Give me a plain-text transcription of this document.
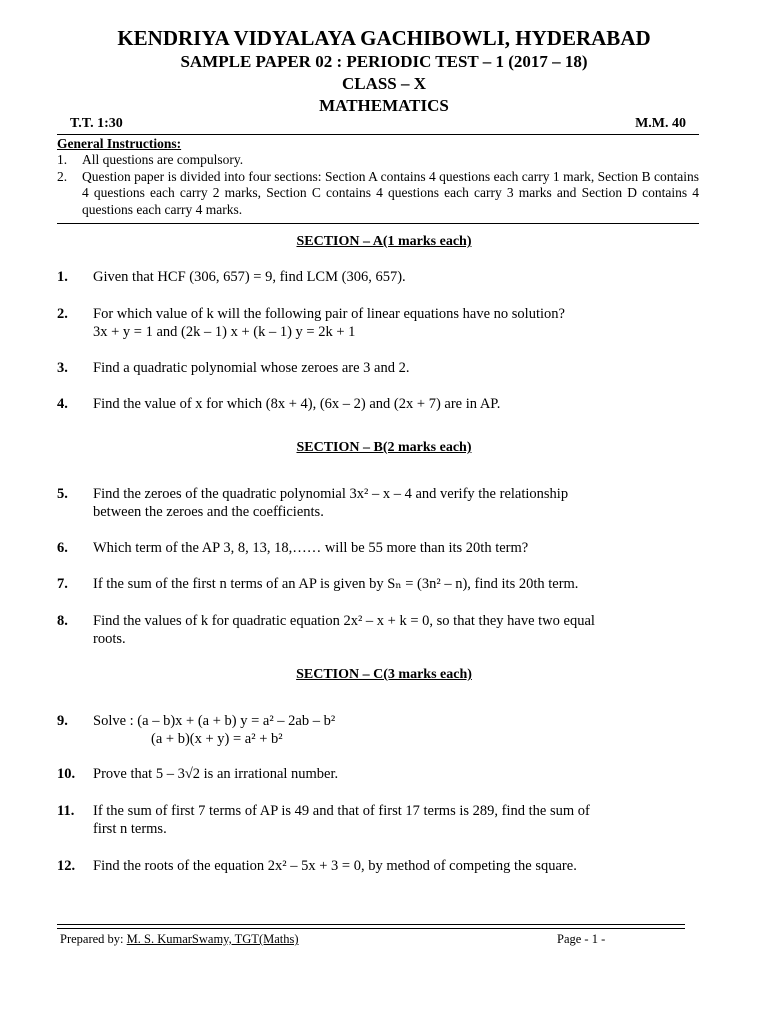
KENDRIYA VIDYALAYA GACHIBOWLI, HYDERABAD
SAMPLE PAPER 02 : PERIODIC TEST – 1 (2017 – 18)
CLASS – X
MATHEMATICS
T.T. 1:30	M.M. 40
General Instructions:
1.	All questions are compulsory.
2.	Question paper is divided into four sections: Section A contains 4 questions each carry 1 mark, Section B contains 4 questions each carry 2 marks, Section C contains 4 questions each carry 3 marks and Section D contains 4 questions each carry 4 marks.
SECTION – A(1 marks each)
1. Given that HCF (306, 657) = 9, find LCM (306, 657).
2. For which value of k will the following pair of linear equations have no solution?
3x + y = 1 and (2k – 1) x + (k – 1) y = 2k + 1
3. Find a quadratic polynomial whose zeroes are 3 and 2.
4. Find the value of x for which (8x + 4), (6x – 2) and (2x + 7) are in AP.
SECTION – B(2 marks each)
5. Find the zeroes of the quadratic polynomial 3x² – x – 4 and verify the relationship
between the zeroes and the coefficients.
6. Which term of the AP 3, 8, 13, 18,…… will be 55 more than its 20th term?
7. If the sum of the first n terms of an AP is given by Sₙ = (3n² – n), find its 20th term.
8. Find the values of k for quadratic equation 2x² – x + k = 0, so that they have two equal
roots.
SECTION – C(3 marks each)
9. Solve : (a – b)x + (a + b) y = a² – 2ab – b²
(a + b)(x + y) = a² + b²
10. Prove that 5 – 3√2 is an irrational number.
11. If the sum of first 7 terms of AP is 49 and that of first 17 terms is 289, find the sum of
first n terms.
12. Find the roots of the equation 2x² – 5x + 3 = 0, by method of competing the square.
Prepared by: M. S. KumarSwamy, TGT(Maths)	Page - 1 -
